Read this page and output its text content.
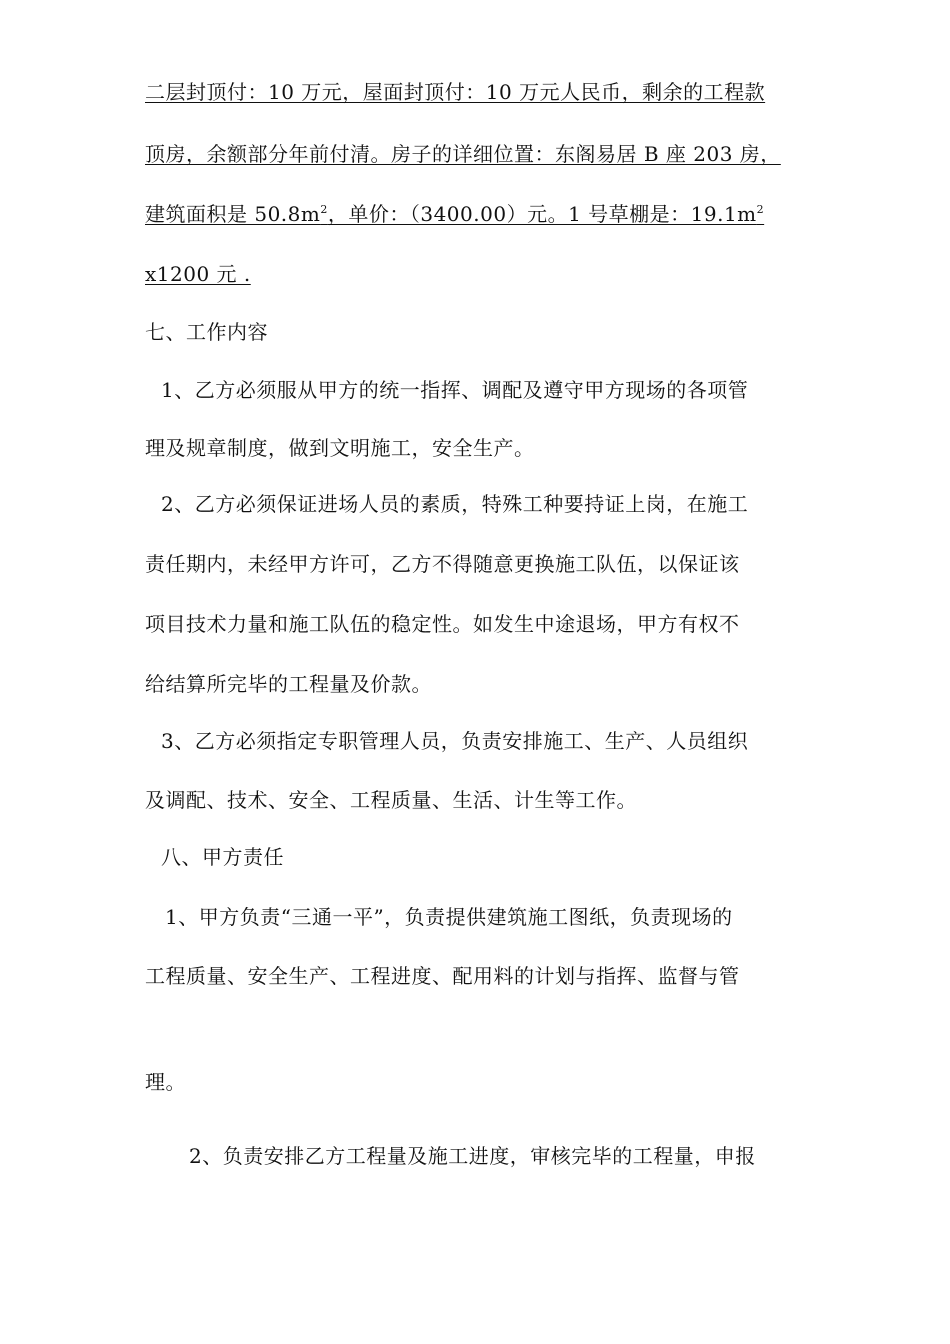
二层封顶付：10 万元，屋面封顶付：10 万元人民币，剩余的工程款
顶房，余额部分年前付清。房子的详细位置：东阁易居 B 座 203 房，
建筑面积是 $50.8m^2$，单价：（3400.00）元。1 号草棚是：$19.1m^2$
x1200 元 .
七、工作内容
1、乙方必须服从甲方的统一指挥、调配及遵守甲方现场的各项管
理及规章制度，做到文明施工，安全生产。
2、乙方必须保证进场人员的素质，特殊工种要持证上岗，在施工
责任期内，未经甲方许可，乙方不得随意更换施工队伍，以保证该
项目技术力量和施工队伍的稳定性。如发生中途退场，甲方有权不
给结算所完毕的工程量及价款。
3、乙方必须指定专职管理人员，负责安排施工、生产、人员组织
及调配、技术、安全、工程质量、生活、计生等工作。
八、甲方责任
1、甲方负责“三通一平”，负责提供建筑施工图纸，负责现场的
工程质量、安全生产、工程进度、配用料的计划与指挥、监督与管
理。
2、负责安排乙方工程量及施工进度，审核完毕的工程量，申报
